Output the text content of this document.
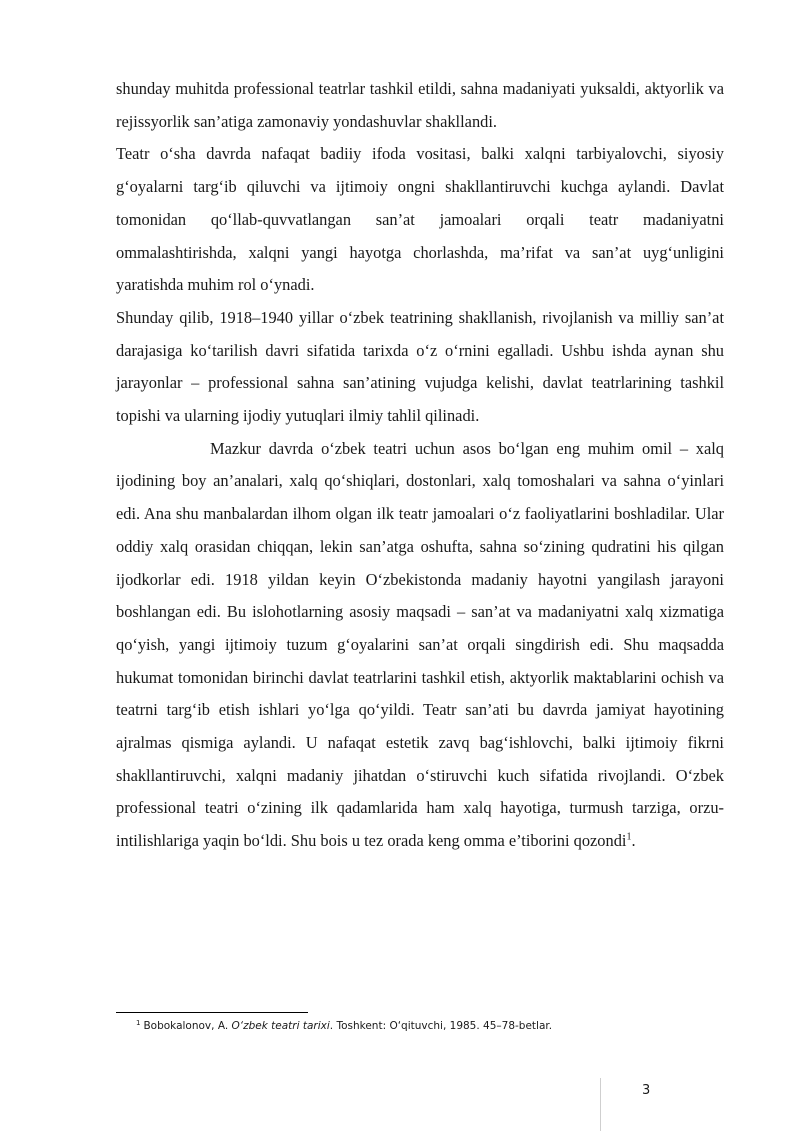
shunday muhitda professional teatrlar tashkil etildi, sahna madaniyati yuksaldi, aktyorlik va rejissyorlik san’atiga zamonaviy yondashuvlar shakllandi.

Teatr o‘sha davrda nafaqat badiiy ifoda vositasi, balki xalqni tarbiyalovchi, siyosiy g‘oyalarni targ‘ib qiluvchi va ijtimoiy ongni shakllantiruvchi kuchga aylandi. Davlat tomonidan qo‘llab-quvvatlangan san’at jamoalari orqali teatr madaniyatni ommalashtirishda, xalqni yangi hayotga chorlashda, ma’rifat va san’at uyg‘unligini yaratishda muhim rol o‘ynadi.

Shunday qilib, 1918–1940 yillar o‘zbek teatrining shakllanish, rivojlanish va milliy san’at darajasiga ko‘tarilish davri sifatida tarixda o‘z o‘rnini egalladi. Ushbu ishda aynan shu jarayonlar – professional sahna san’atining vujudga kelishi, davlat teatrlarining tashkil topishi va ularning ijodiy yutuqlari ilmiy tahlil qilinadi.

Mazkur davrda o‘zbek teatri uchun asos bo‘lgan eng muhim omil – xalq ijodining boy an’analari, xalq qo‘shiqlari, dostonlari, xalq tomoshalari va sahna o‘yinlari edi. Ana shu manbalardan ilhom olgan ilk teatr jamoalari o‘z faoliyatlarini boshladilar. Ular oddiy xalq orasidan chiqqan, lekin san’atga oshufta, sahna so‘zining qudratini his qilgan ijodkorlar edi. 1918 yildan keyin O‘zbekistonda madaniy hayotni yangilash jarayoni boshlangan edi. Bu islohotlarning asosiy maqsadi – san’at va madaniyatni xalq xizmatiga qo‘yish, yangi ijtimoiy tuzum g‘oyalarini san’at orqali singdirish edi. Shu maqsadda hukumat tomonidan birinchi davlat teatrlarini tashkil etish, aktyorlik maktablarini ochish va teatrni targ‘ib etish ishlari yo‘lga qo‘yildi. Teatr san’ati bu davrda jamiyat hayotining ajralmas qismiga aylandi. U nafaqat estetik zavq bag‘ishlovchi, balki ijtimoiy fikrni shakllantiruvchi, xalqni madaniy jihatdan o‘stiruvchi kuch sifatida rivojlandi. O‘zbek professional teatri o‘zining ilk qadamlarida ham xalq hayotiga, turmush tarziga, orzu-intilishlariga yaqin bo‘ldi. Shu bois u tez orada keng omma e’tiborini qozondi$^1$.

$^1$ Bobokalonov, A. O‘zbek teatri tarixi. Toshkent: O‘qituvchi, 1985. 45–78-betlar.
3
